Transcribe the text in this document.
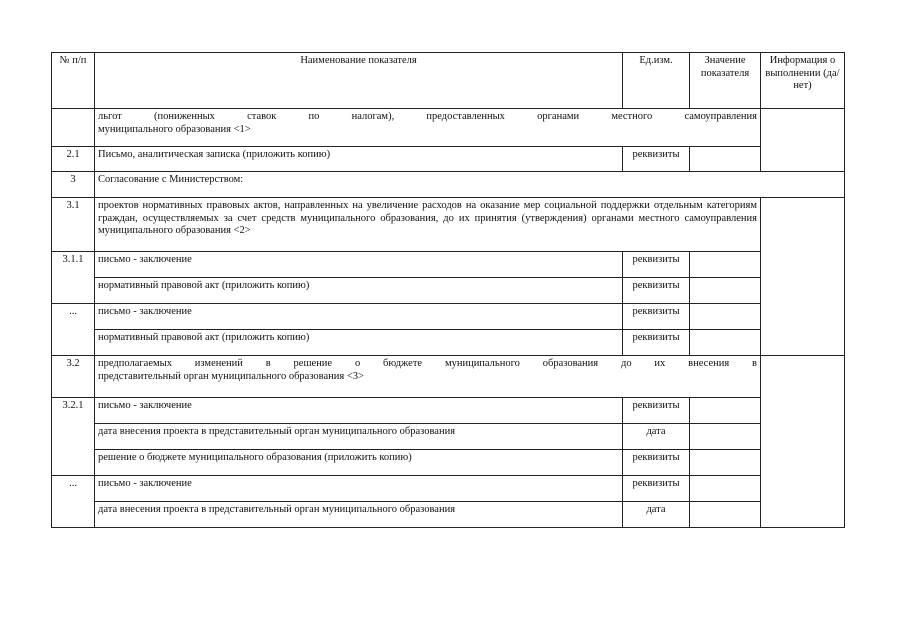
№ п/п	Наименование показателя	Ед.изм.	Значение показателя	Информация о выполнении (да/ нет)

	льгот (пониженных ставок по налогам), предоставленных органами местного самоуправления
муниципального образования <1>			

2.1	Письмо, аналитическая записка (приложить копию)	реквизиты		
3	Согласование с Министерством:			
3.1	проектов нормативных правовых актов, направленных на увеличение расходов на оказание мер социальной поддержки отдельным категориям граждан, осуществляемых за счет средств муниципального образования, до их принятия (утверждения) органами местного самоуправления муниципального образования <2>			
3.1.1	письмо - заключение	реквизиты		
	нормативный правовой акт (приложить копию)	реквизиты		
...	письмо - заключение	реквизиты		
	нормативный правовой акт (приложить копию)	реквизиты		
3.2	предполагаемых изменений в решение о бюджете муниципального образования до их внесения в
представительный орган муниципального образования <3>			

3.2.1	письмо - заключение	реквизиты		
	дата внесения проекта в представительный орган муниципального образования	дата		
	решение о бюджете муниципального образования (приложить копию)	реквизиты		
...	письмо - заключение	реквизиты		
	дата внесения проекта в представительный орган муниципального образования	дата		
